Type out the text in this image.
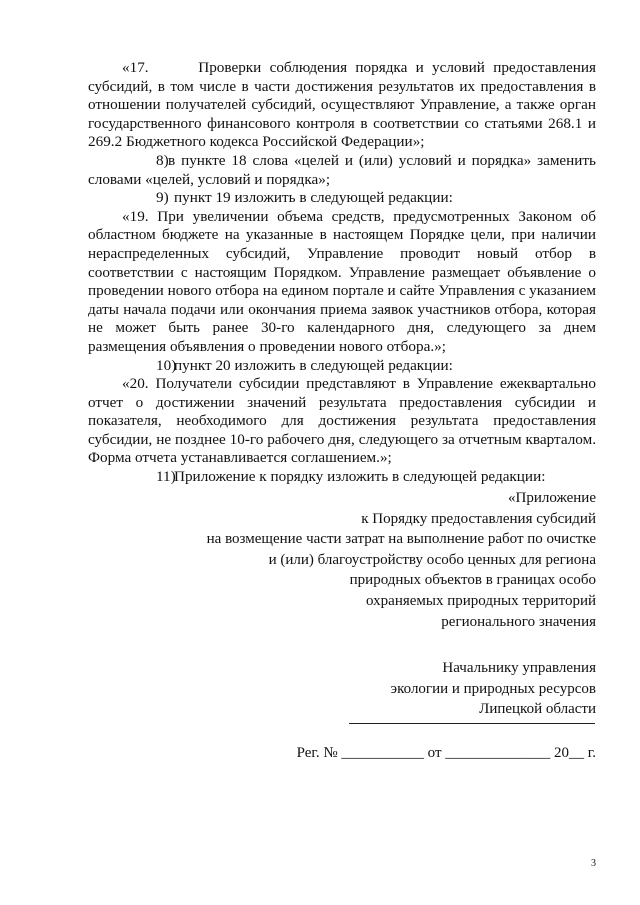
«17.      Проверки соблюдения порядка и условий предоставления субсидий, в том числе в части достижения результатов их предоставления в отношении получателей субсидий, осуществляют Управление, а также орган государственного финансового контроля в соответствии со статьями 268.1 и 269.2 Бюджетного кодекса Российской Федерации»;

8)в пункте 18 слова «целей и (или) условий и порядка» заменить словами «целей, условий и порядка»;

9) пункт 19 изложить в следующей редакции:

«19. При увеличении объема средств, предусмотренных Законом об областном бюджете на указанные в настоящем Порядке цели, при наличии нераспределенных субсидий, Управление проводит новый отбор в соответствии с настоящим Порядком. Управление размещает объявление о проведении нового отбора на едином портале и сайте Управления с указанием даты начала подачи или окончания приема заявок участников отбора, которая не может быть ранее 30-го календарного дня, следующего за днем размещения объявления о проведении нового отбора.»;

10)пункт 20 изложить в следующей редакции:

«20. Получатели субсидии представляют в Управление ежеквартально отчет о достижении значений результата предоставления субсидии и показателя, необходимого для достижения результата предоставления субсидии, не позднее 10-го рабочего дня, следующего за отчетным кварталом. Форма отчета устанавливается соглашением.»;

11)Приложение к порядку изложить в следующей редакции:

«Приложение
к Порядку предоставления субсидий
на возмещение части затрат на выполнение работ по очистке
и (или) благоустройству особо ценных для региона
природных объектов в границах особо
охраняемых природных территорий
регионального значения
Начальнику управления
экологии и природных ресурсов
Липецкой области
Рег. № ___________ от ______________ 20__ г.
3
